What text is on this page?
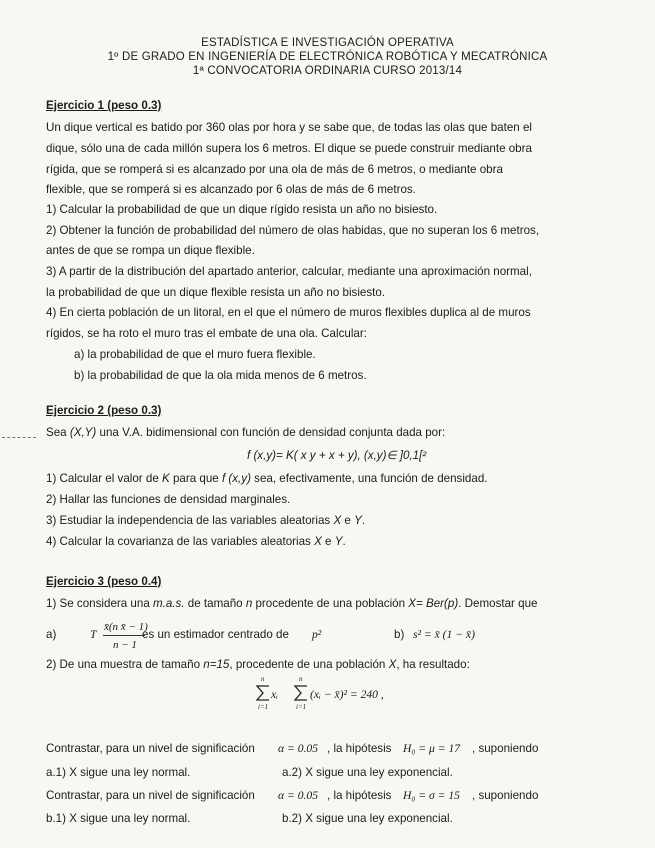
ESTADÍSTICA E INVESTIGACIÓN OPERATIVA
1º DE GRADO EN INGENIERÍA DE ELECTRÓNICA ROBÓTICA Y MECATRÓNICA
1ª CONVOCATORIA ORDINARIA CURSO 2013/14
Ejercicio 1 (peso 0.3)
Un dique vertical es batido por 360 olas por hora y se sabe que, de todas las olas que baten el
dique, sólo una de cada millón supera los 6 metros. El dique se puede construir mediante obra
rígida, que se romperá si es alcanzado por una ola de más de 6 metros, o mediante obra
flexible, que se romperá si es alcanzado por 6 olas de más de 6 metros.
1) Calcular la probabilidad de que un dique rígido resista un año no bisiesto.
2) Obtener la función de probabilidad del número de olas habidas, que no superan los 6 metros,
antes de que se rompa un dique flexible.
3) A partir de la distribución del apartado anterior, calcular, mediante una aproximación normal,
la probabilidad de que un dique flexible resista un año no bisiesto.
4) En cierta población de un litoral, en el que el número de muros flexibles duplica al de muros
rígidos, se ha roto el muro tras el embate de una ola. Calcular:
a) la probabilidad de que el muro fuera flexible.
b) la probabilidad de que la ola mida menos de 6 metros.
Ejercicio 2 (peso 0.3)
Sea (X,Y) una V.A. bidimensional con función de densidad conjunta dada por:
f (x,y)= K( x y + x + y), (x,y)∈ ]0,1[²
1) Calcular el valor de K para que f (x,y) sea, efectivamente, una función de densidad.
2) Hallar las funciones de densidad marginales.
3) Estudiar la independencia de las variables aleatorias X e Y.
4) Calcular la covarianza de las variables aleatorias X e Y.
Ejercicio 3 (peso 0.4)
1) Se considera una m.a.s. de tamaño n procedente de una población X= Ber(p). Demostar que
a)	T
x̄(n x̄ − 1)
n − 1
es un estimador centrado de p²	b) s² = x̄ (1 − x̄)
2) De una muestra de tamaño n=15, procedente de una población X, ha resultado:
n
i=1
xᵢ
n
i=1
(xᵢ − x̄)² = 240 ,
Contrastar, para un nivel de significación α = 0.05 , la hipótesis H₀ = μ = 17 , suponiendo
a.1) X sigue una ley normal.	a.2) X sigue una ley exponencial.
Contrastar, para un nivel de significación α = 0.05 , la hipótesis H₀ = σ = 15 , suponiendo
b.1) X sigue una ley normal.	b.2) X sigue una ley exponencial.
